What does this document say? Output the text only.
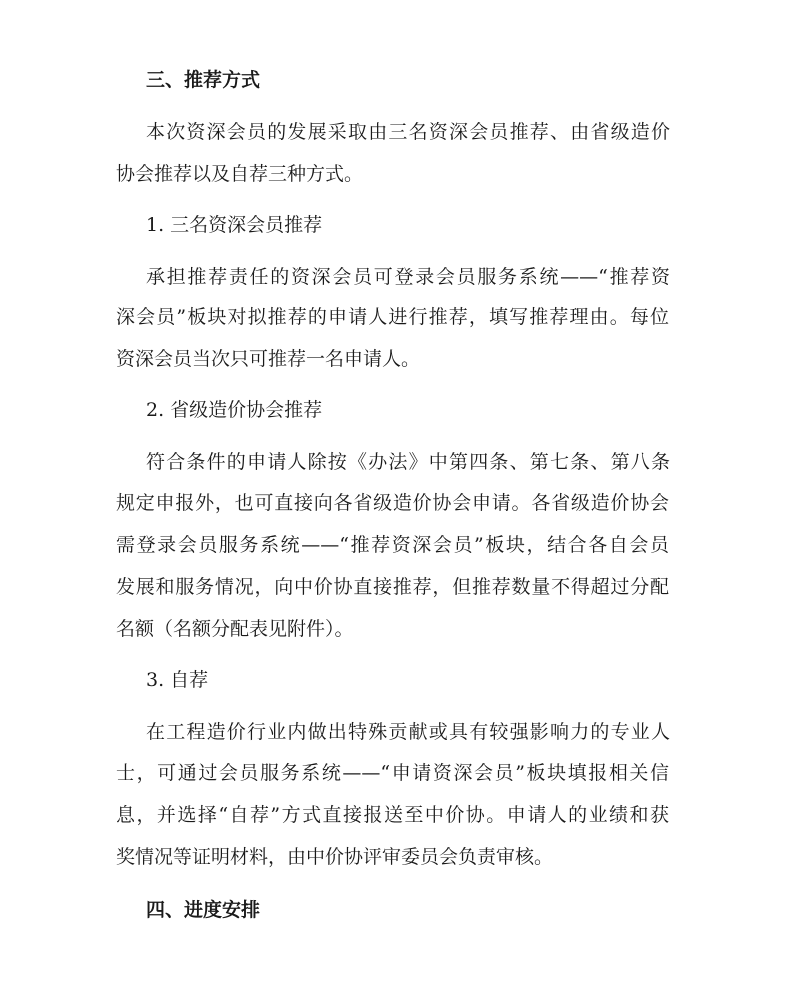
三、推荐方式
本次资深会员的发展采取由三名资深会员推荐、由省级造价
协会推荐以及自荐三种方式。
1. 三名资深会员推荐
承担推荐责任的资深会员可登录会员服务系统——“推荐资
深会员”板块对拟推荐的申请人进行推荐，填写推荐理由。每位
资深会员当次只可推荐一名申请人。
2. 省级造价协会推荐
符合条件的申请人除按《办法》中第四条、第七条、第八条
规定申报外，也可直接向各省级造价协会申请。各省级造价协会
需登录会员服务系统——“推荐资深会员”板块，结合各自会员
发展和服务情况，向中价协直接推荐，但推荐数量不得超过分配
名额（名额分配表见附件）。
3. 自荐
在工程造价行业内做出特殊贡献或具有较强影响力的专业人
士，可通过会员服务系统——“申请资深会员”板块填报相关信
息，并选择“自荐”方式直接报送至中价协。申请人的业绩和获
奖情况等证明材料，由中价协评审委员会负责审核。
四、进度安排
